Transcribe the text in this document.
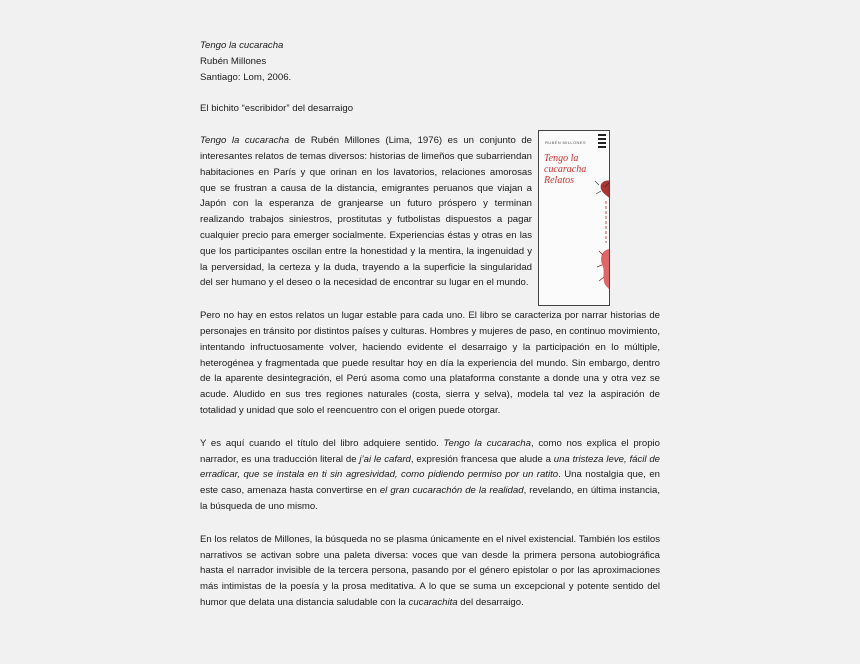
Tengo la cucaracha
Rubén Millones
Santiago: Lom, 2006.
El bichito “escribidor” del desarraigo

Tengo la cucaracha de Rubén Millones (Lima, 1976) es un conjunto de interesantes relatos de temas diversos: historias de limeños que subarriendan habitaciones en París y que orinan en los lavatorios, relaciones amorosas que se frustran a causa de la distancia, emigrantes peruanos que viajan a Japón con la esperanza de granjearse un futuro próspero y terminan realizando trabajos siniestros, prostitutas y futbolistas dispuestos a pagar cualquier precio para emerger socialmente. Experiencias éstas y otras en las que los participantes oscilan entre la honestidad y la mentira, la ingenuidad y la perversidad, la certeza y la duda, trayendo a la superficie la singularidad del ser humano y el deseo o la necesidad de encontrar su lugar en el mundo.

RUBÉN MILLONES
Tengo la cucaracha
Relatos

Pero no hay en estos relatos un lugar estable para cada uno. El libro se caracteriza por narrar historias de personajes en tránsito por distintos países y culturas. Hombres y mujeres de paso, en continuo movimiento, intentando infructuosamente volver, haciendo evidente el desarraigo y la participación en lo múltiple, heterogénea y fragmentada que puede resultar hoy en día la experiencia del mundo. Sin embargo, dentro de la aparente desintegración, el Perú asoma como una plataforma constante a donde una y otra vez se acude. Aludido en sus tres regiones naturales (costa, sierra y selva), modela tal vez la aspiración de totalidad y unidad que solo el reencuentro con el origen puede otorgar.

Y es aquí cuando el título del libro adquiere sentido. Tengo la cucaracha, como nos explica el propio narrador, es una traducción literal de j’ai le cafard, expresión francesa que alude a una tristeza leve, fácil de erradicar, que se instala en ti sin agresividad, como pidiendo permiso por un ratito. Una nostalgia que, en este caso, amenaza hasta convertirse en el gran cucarachón de la realidad, revelando, en última instancia, la búsqueda de uno mismo.

En los relatos de Millones, la búsqueda no se plasma únicamente en el nivel existencial. También los estilos narrativos se activan sobre una paleta diversa: voces que van desde la primera persona autobiográfica hasta el narrador invisible de la tercera persona, pasando por el género epistolar o por las aproximaciones más intimistas de la poesía y la prosa meditativa. A lo que se suma un excepcional y potente sentido del humor que delata una distancia saludable con la cucarachita del desarraigo.
